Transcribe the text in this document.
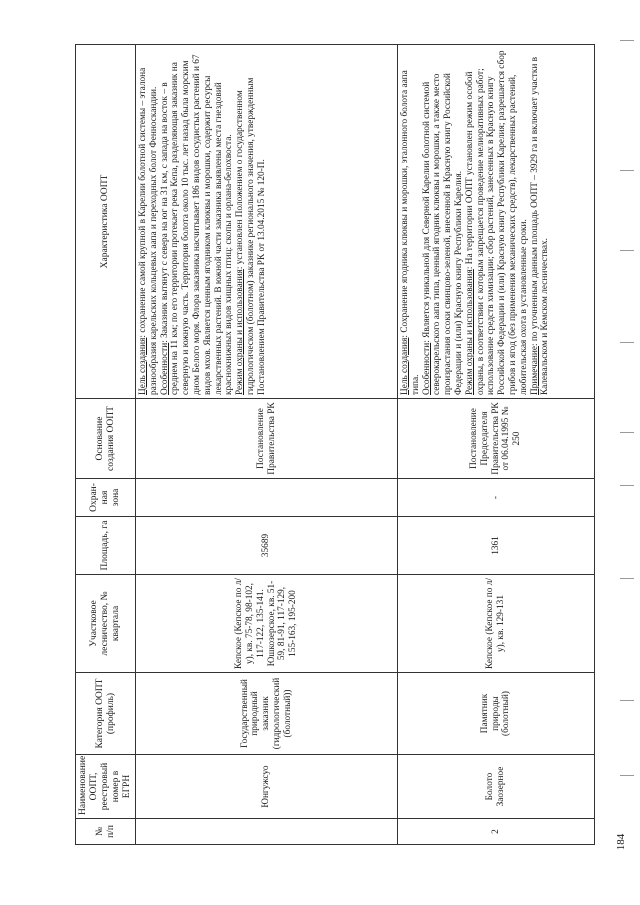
№ п/п	Наименование ООПТ, реестровый номер в ЕГРН	Категория ООПТ (профиль)	Участковое лесничество, № квартала	Площадь, га	Охран-ная зона	Основание создания ООПТ	Характеристика ООПТ
	Юнгужсуо	Государственный природный заказник (гидрологический (болотный))	Кепское (Кепское по л/у), кв. 75-78, 98-102, 117-122, 135-141. Юшкозерское, кв. 51-59, 81-91, 117-129, 155-163, 195-200	35689		Постановление Правительства РК	Цель создания: сохранение самой крупной в Карелии болотной системы – эталона разнообразия карельских кольцевых аапа и переходных болот Фенноскандии. Особенности: Заказник вытянут с севера на юг на 31 км, с запада на восток – в среднем на 11 км; по его территории протекает река Кепа, разделяющая заказник на северную и южную часть. Территория болота около 10 тыс. лет назад была морским дном Белого моря. Флора заказника насчитывает 186 видов сосудистых растений и 67 видов мхов. Является ценным ягодником клюквы и морошки, содержит ресурсы лекарственных растений. В южной части заказника выявлены места гнездовий краснокнижных видов хищных птиц: скопы и орлана-белохвоста. Режим охраны и использования: установлен Положением о государственном гидрологическом (болотном) заказнике регионального значения, утвержденным Постановлением Правительства РК от 13.04.2015 № 120-П.

2	Болото Заозерное	Памятник природы (болотный)	Кепское (Кепское по л/у), кв. 129-131	1361	-	Постановление Председателя Правительства РК от 06.04.1995 № 250	Цель создания: Сохранение ягодника клюквы и морошки, эталонного болота аапа типа. Особенности: Является уникальной для Северной Карелии болотной системой северокарельского аапа типа, ценный ягодник клюквы и морошки, а также место произрастания осоки свинцово-зеленой, внесенной в Красную книгу Российской Федерации и (или) Красную книгу Республики Карелия. Режим охраны и использования: На территории ООПТ установлен режим особой охраны, в соответствии с которым запрещается проведение мелиоративных работ; использование средств химизации; сбор растений, занесенных в Красную книгу Российской Федерации и (или) Красную книгу Республики Карелия; разрешается сбор грибов и ягод (без применения механических средств), лекарственных растений, любительская охота в установленные сроки. Примечание: по уточненным данным площадь ООПТ – 3929 га и включает участки в Калевальском и Кемском лесничествах.

184
